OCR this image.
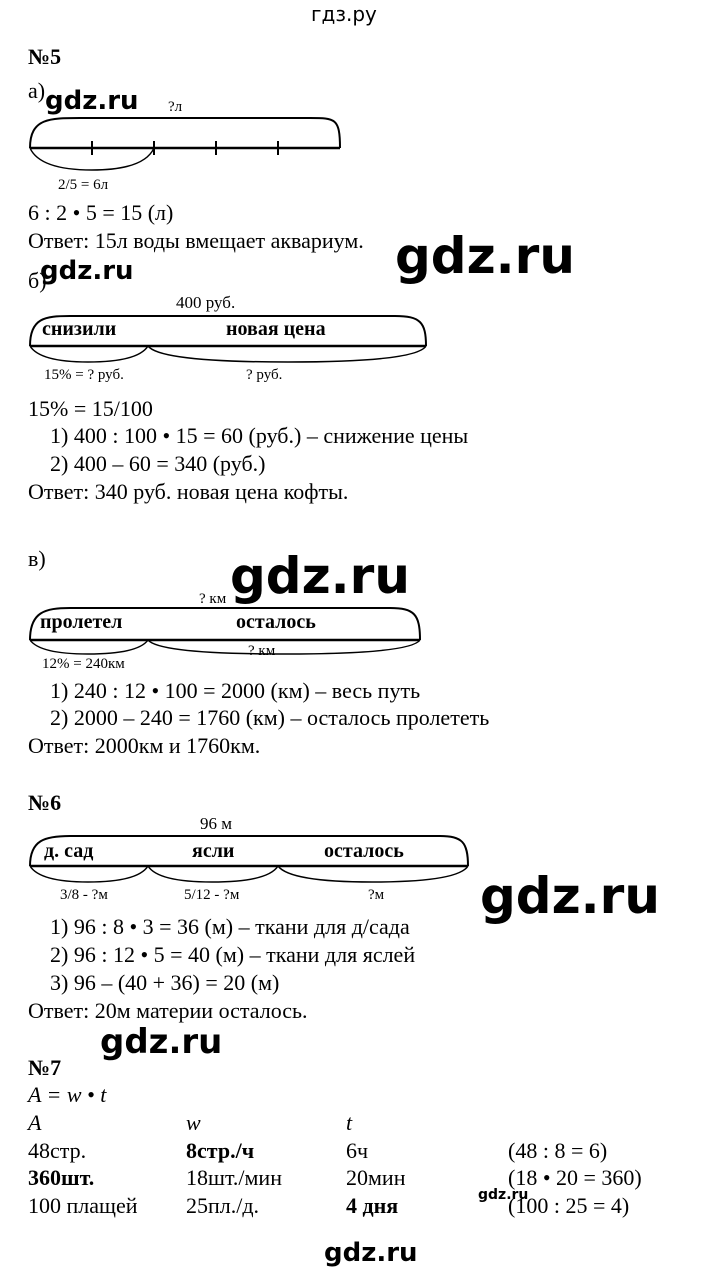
гдз.ру
№5
а) gdz.ru ?л
2/5 = 6л
6 : 2 • 5 = 15 (л)
Ответ: 15л воды вмещает аквариум. gdz.ru
б)
gdz.ru
400 руб.
снизили	новая цена
15% = ? руб.	? руб.
15% = 15/100
1) 400 : 100 • 15 = 60 (руб.) – снижение цены
2) 400 – 60 = 340 (руб.)
Ответ: 340 руб. новая цена кофты.
в)	gdz.ru
? км
пролетел	осталось
? км
12% = 240км
1) 240 : 12 • 100 = 2000 (км) – весь путь
2) 2000 – 240 = 1760 (км) – осталось пролететь
Ответ: 2000км и 1760км.
№6
96 м
д. сад	ясли	осталось
3/8 - ?м	5/12 - ?м	?м gdz.ru
1) 96 : 8 • 3 = 36 (м) – ткани для д/сада
2) 96 : 12 • 5 = 40 (м) – ткани для яслей
3) 96 – (40 + 36) = 20 (м)
Ответ: 20м материи осталось.
gdz.ru
№7
A = w • t
A	w	t
48стр.	8стр./ч	6ч	(48 : 8 = 6)
360шт.	18шт./мин	20мин	(18 • 20 = 360)
100 плащей 25пл./д.	4 дня	(100 : 25 = 4)
gdz.ru
gdz.ru
